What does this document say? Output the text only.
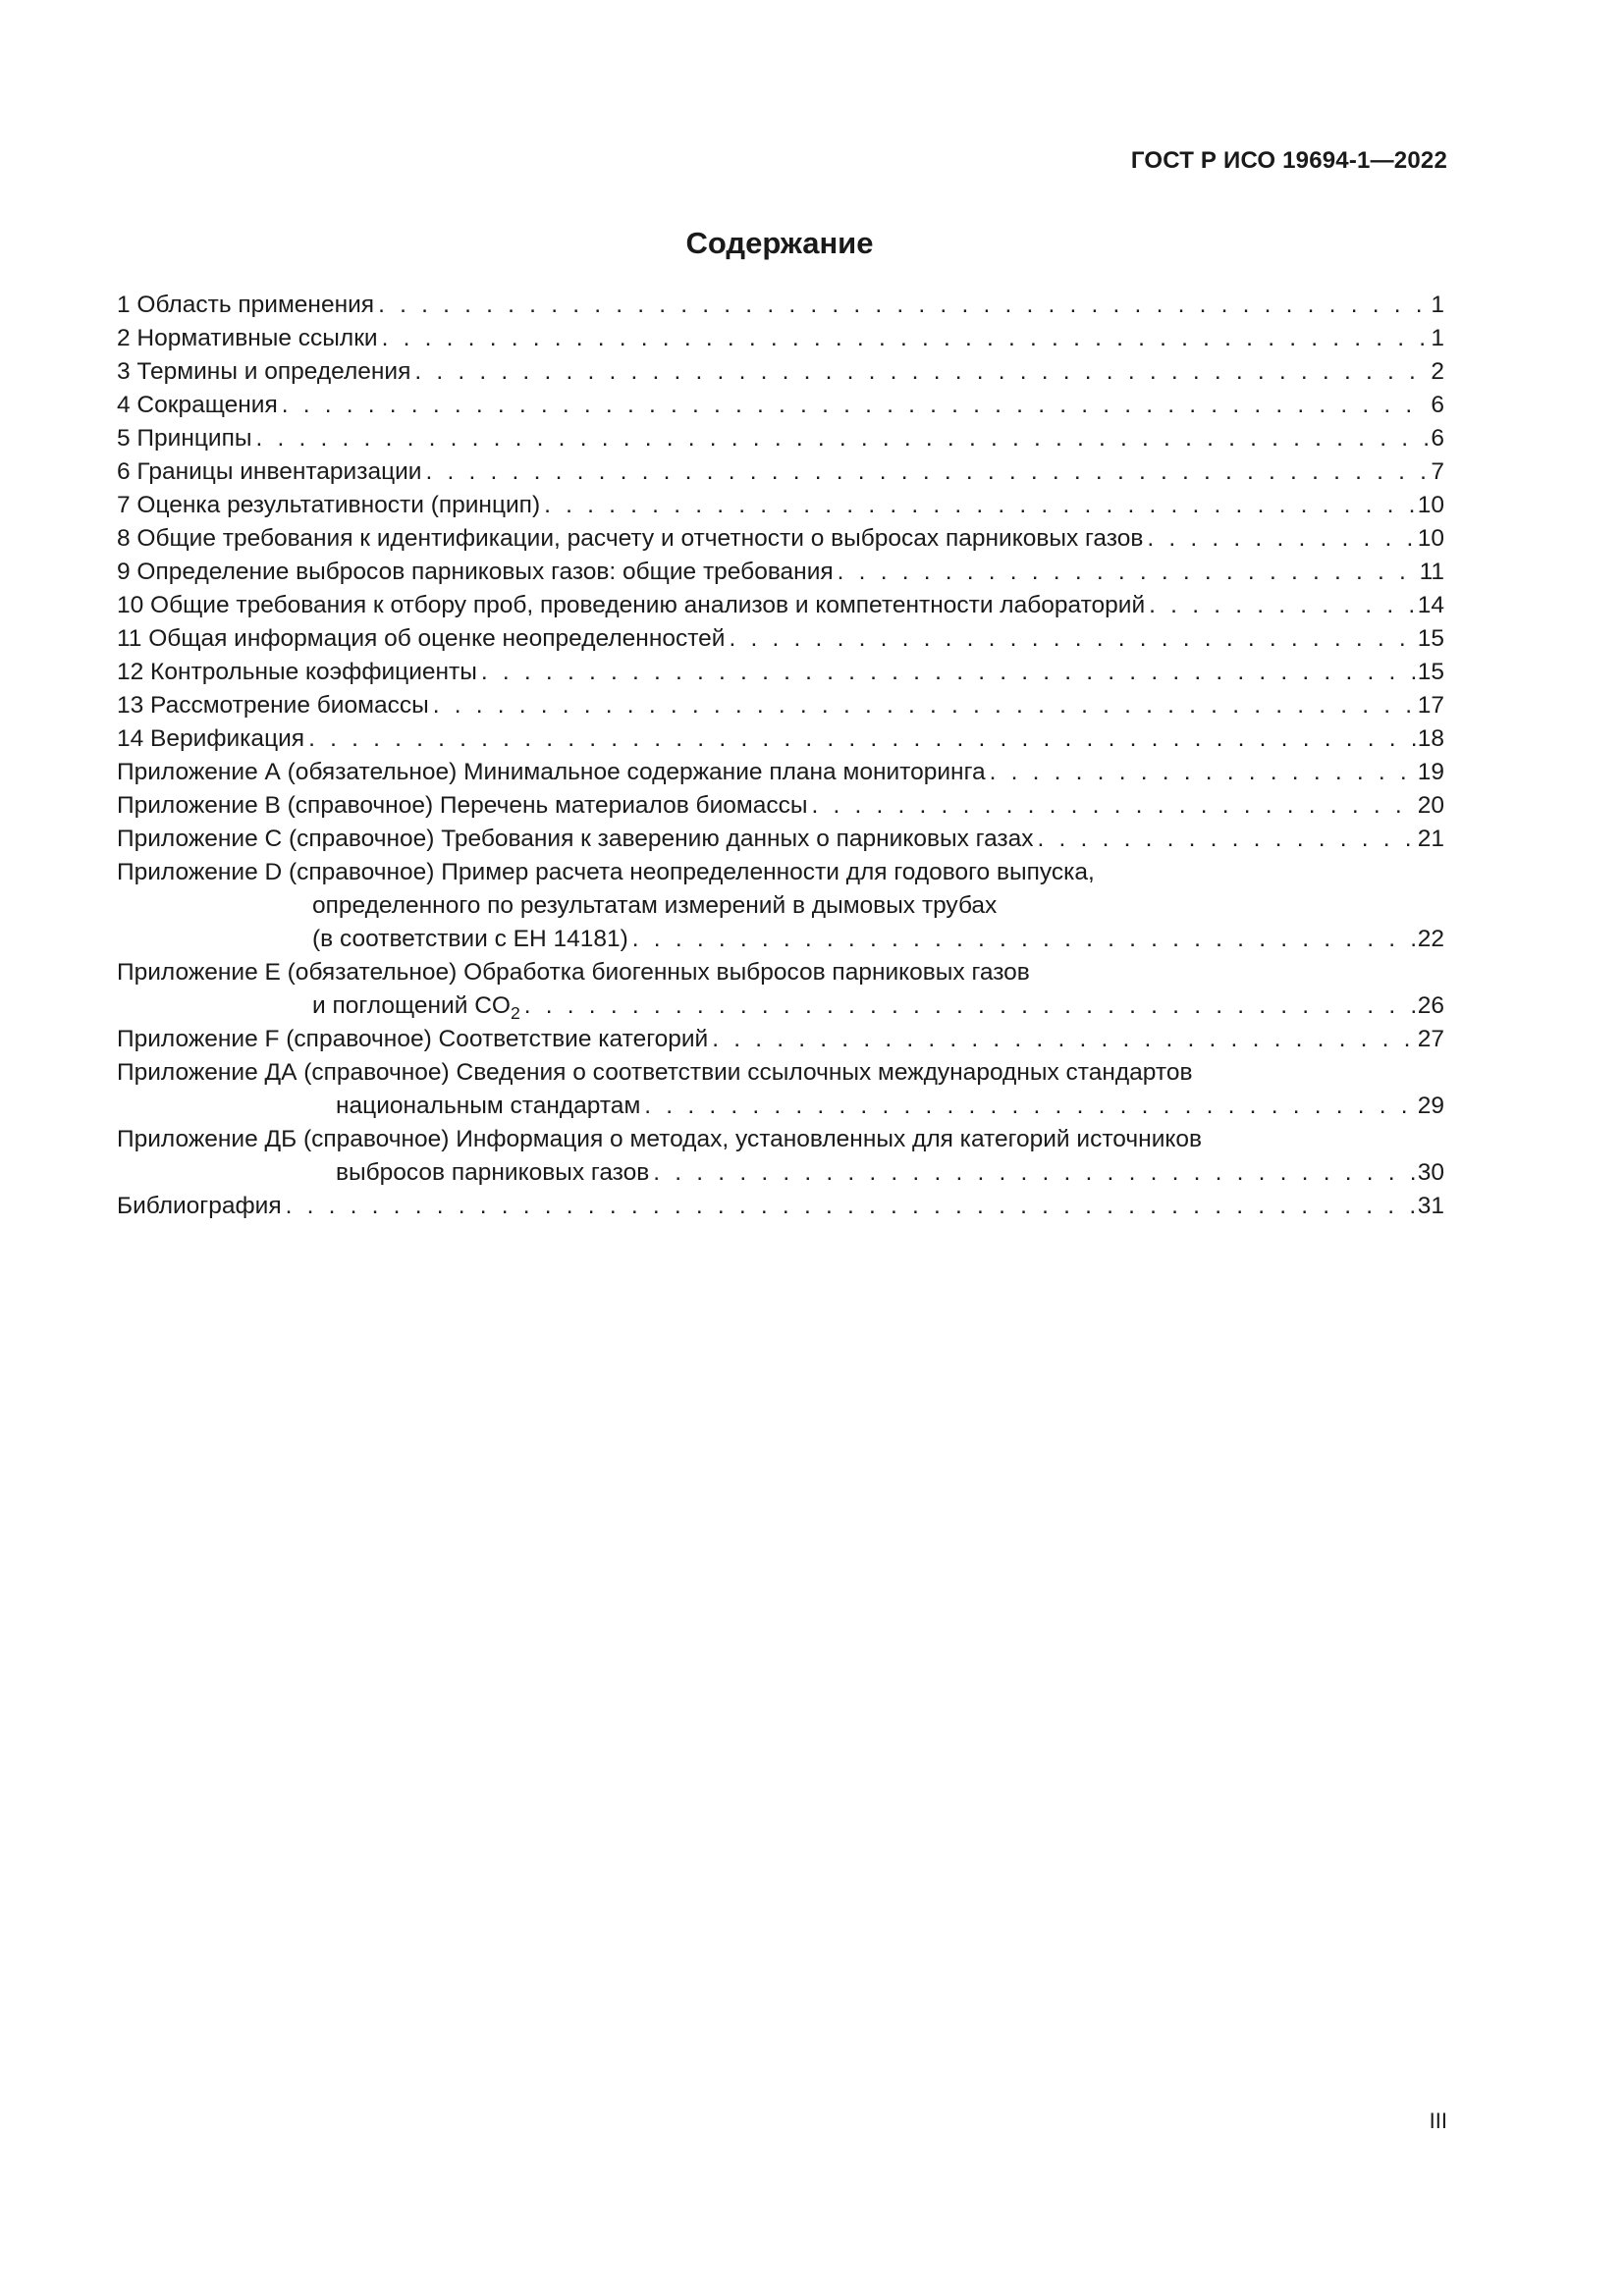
ГОСТ Р ИСО 19694-1—2022
Содержание
1 Область применения . . .	1
2 Нормативные ссылки . . .	1
3 Термины и определения . . .	2
4 Сокращения . . .	6
5 Принципы . . .	6
6 Границы инвентаризации . . .	7
7 Оценка результативности (принцип) . . .	10
8 Общие требования к идентификации, расчету и отчетности о выбросах парниковых газов . . .	10
9 Определение выбросов парниковых газов: общие требования . . .	11
10 Общие требования к отбору проб, проведению анализов и компетентности лабораторий . . .	14
11 Общая информация об оценке неопределенностей . . .	15
12 Контрольные коэффициенты . . .	15
13 Рассмотрение биомассы . . .	17
14 Верификация . . .	18
Приложение А (обязательное) Минимальное содержание плана мониторинга . . .	19
Приложение В (справочное) Перечень материалов биомассы . . .	20
Приложение С (справочное) Требования к заверению данных о парниковых газах . . .	21
Приложение D (справочное) Пример расчета неопределенности для годового выпуска,
определенного по результатам измерений в дымовых трубах
(в соответствии с ЕН 14181) . . .	22
Приложение Е (обязательное) Обработка биогенных выбросов парниковых газов
и поглощений $CO_2$ . . .	26
Приложение F (справочное) Соответствие категорий . . .	27
Приложение ДА (справочное) Сведения о соответствии ссылочных международных стандартов
национальным стандартам . . .	29
Приложение ДБ (справочное) Информация о методах, установленных для категорий источников
выбросов парниковых газов . . .	30
Библиография . . .	31
III
